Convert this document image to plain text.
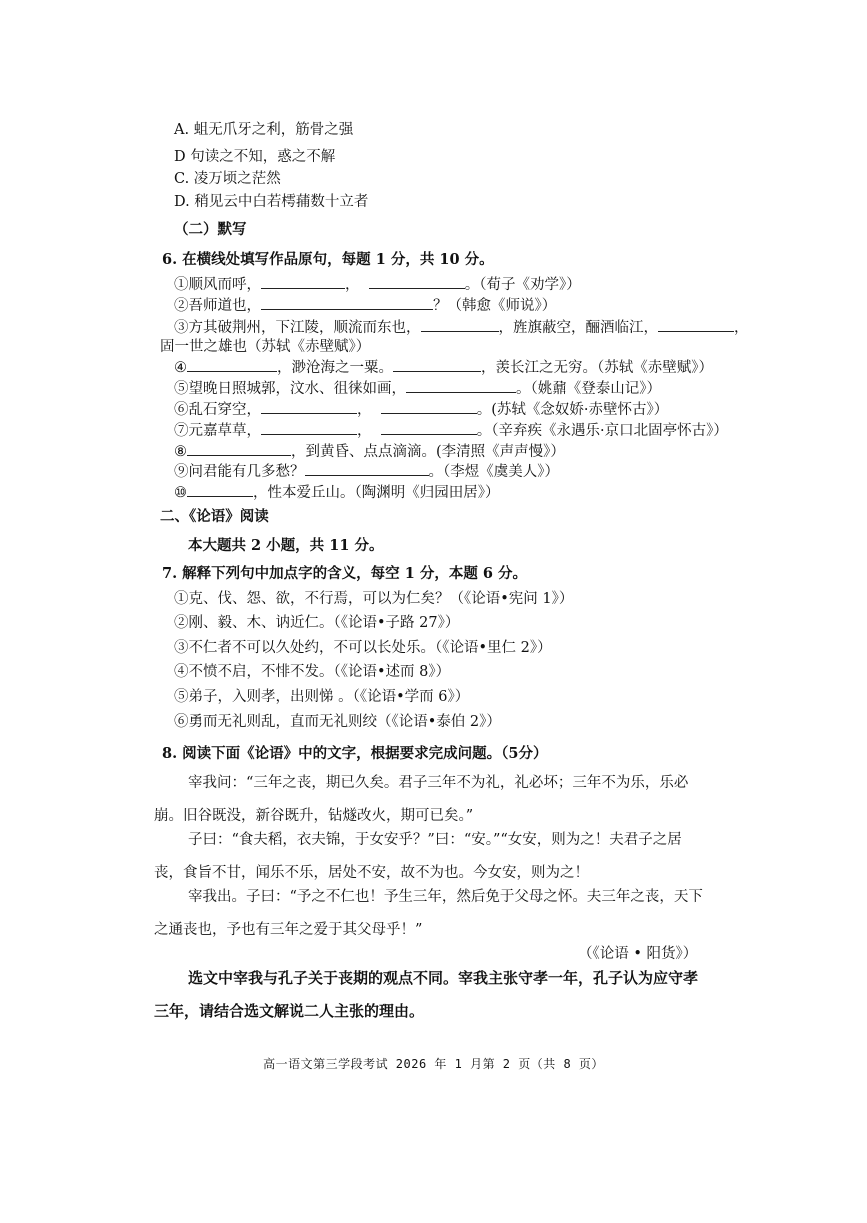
A. 蛆无爪牙之利，筋骨之强
D 句读之不知，惑之不解
C. 凌万顷之茫然
D. 稍见云中白若樗蒱数十立者
（二）默写
6. 在横线处填写作品原句，每题 1 分，共 10 分。
①顺风而呼，	，	。（荀子《劝学》）
②吾师道也，	？（韩愈《师说》）
③方其破荆州，下江陵，顺流而东也，	，旌旗蔽空，酾酒临江，	，
固一世之雄也（苏轼《赤壁赋》）
④	，渺沧海之一粟。	，羡长江之无穷。（苏轼《赤壁赋》）
⑤望晚日照城郭，汶水、徂徕如画，	。（姚鼐《登泰山记》）
⑥乱石穿空，	，	。(苏轼《念奴娇·赤壁怀古》）
⑦元嘉草草，	，	。（辛弃疾《永遇乐·京口北固亭怀古》）
⑧	，到黄昏、点点滴滴。(李清照《声声慢》）
⑨问君能有几多愁？	。（李煜《虞美人》）
⑩	，性本爱丘山。（陶渊明《归园田居》）
二、《论语》阅读
本大题共 2 小题，共 11 分。
7. 解释下列句中加点字的含义，每空 1 分，本题 6 分。
①克、伐、怨、欲，不行焉，可以为仁矣？（《论语•宪问 1》）
②刚、毅、木、讷近仁。（《论语•子路 27》）
③不仁者不可以久处约，不可以长处乐。（《论语•里仁 2》）
④不愤不启，不悱不发。（《论语•述而 8》）
⑤弟子，入则孝，出则悌 。（《论语•学而 6》）
⑥勇而无礼则乱，直而无礼则绞（《论语•泰伯 2》）
8. 阅读下面《论语》中的文字，根据要求完成问题。（5分）
宰我问：“三年之丧，期已久矣。君子三年不为礼，礼必坏；三年不为乐，乐必崩。旧谷既没，新谷既升，钻燧改火，期可已矣。”
子曰：“食夫稻，衣夫锦，于女安乎？”曰：“安。”“女安，则为之！夫君子之居丧，食旨不甘，闻乐不乐，居处不安，故不为也。今女安，则为之！
宰我出。子曰：“予之不仁也！予生三年，然后免于父母之怀。夫三年之丧，天下之通丧也，予也有三年之爱于其父母乎！”
（《论语 • 阳货》）
选文中宰我与孔子关于丧期的观点不同。宰我主张守孝一年，孔子认为应守孝三年，请结合选文解说二人主张的理由。
高一语文第三学段考试 2026 年 1 月第 2 页（共 8 页）
